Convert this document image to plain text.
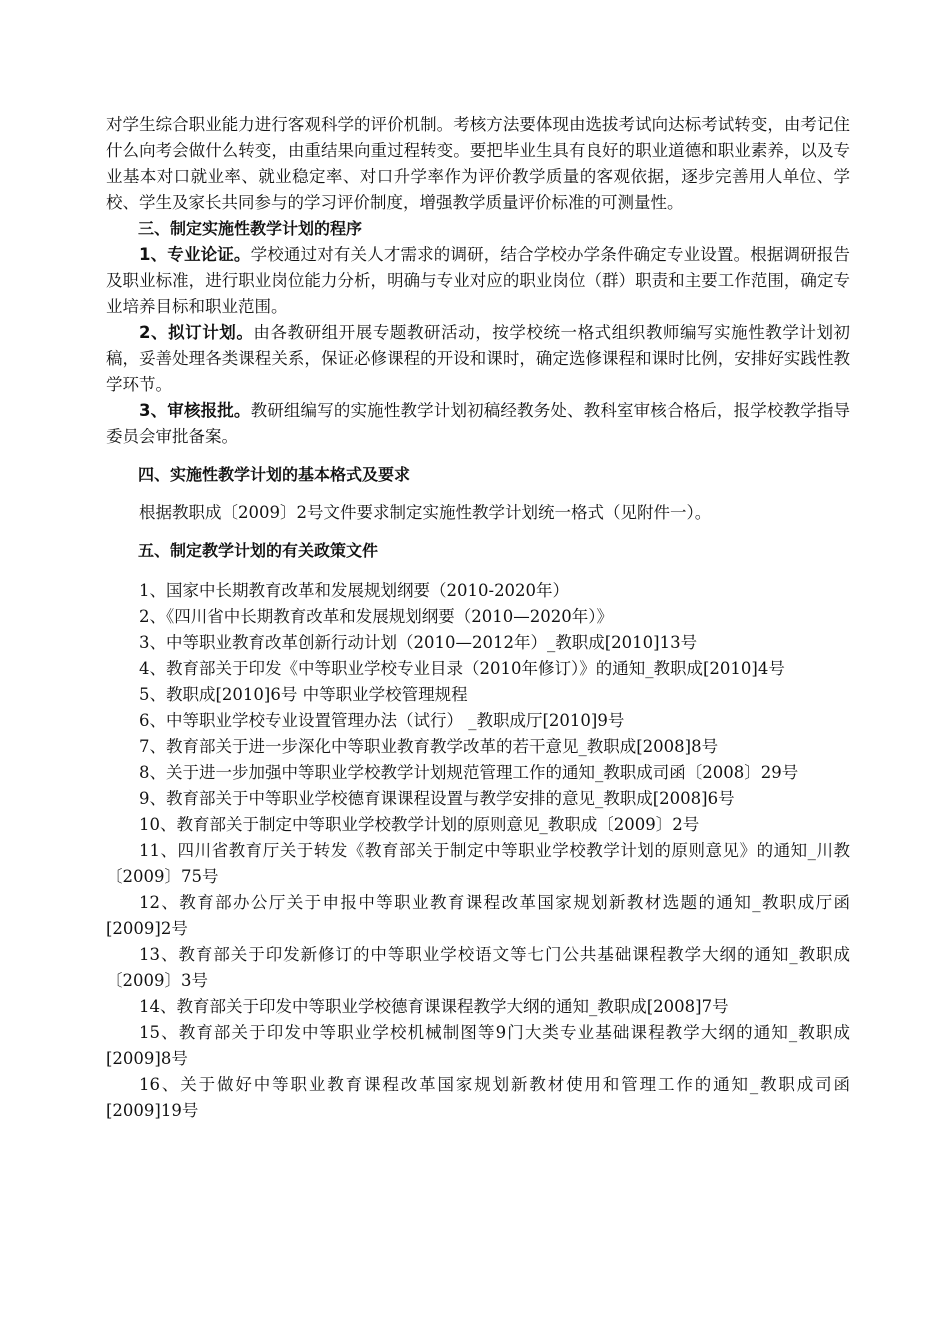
对学生综合职业能力进行客观科学的评价机制。考核方法要体现由选拔考试向达标考试转变，由考记住什么向考会做什么转变，由重结果向重过程转变。要把毕业生具有良好的职业道德和职业素养，以及专业基本对口就业率、就业稳定率、对口升学率作为评价教学质量的客观依据，逐步完善用人单位、学校、学生及家长共同参与的学习评价制度，增强教学质量评价标准的可测量性。

三、制定实施性教学计划的程序

1、专业论证。学校通过对有关人才需求的调研，结合学校办学条件确定专业设置。根据调研报告及职业标准，进行职业岗位能力分析，明确与专业对应的职业岗位（群）职责和主要工作范围，确定专业培养目标和职业范围。

2、拟订计划。由各教研组开展专题教研活动，按学校统一格式组织教师编写实施性教学计划初稿，妥善处理各类课程关系，保证必修课程的开设和课时，确定选修课程和课时比例，安排好实践性教学环节。

3、审核报批。教研组编写的实施性教学计划初稿经教务处、教科室审核合格后，报学校教学指导委员会审批备案。

四、实施性教学计划的基本格式及要求

根据教职成〔2009〕2号文件要求制定实施性教学计划统一格式（见附件一）。

五、制定教学计划的有关政策文件

1、国家中长期教育改革和发展规划纲要（2010-2020年）

2、《四川省中长期教育改革和发展规划纲要（2010—2020年）》

3、中等职业教育改革创新行动计划（2010—2012年）_教职成[2010]13号

4、教育部关于印发《中等职业学校专业目录（2010年修订）》的通知_教职成[2010]4号

5、教职成[2010]6号 中等职业学校管理规程

6、中等职业学校专业设置管理办法（试行） _教职成厅[2010]9号

7、教育部关于进一步深化中等职业教育教学改革的若干意见_教职成[2008]8号

8、关于进一步加强中等职业学校教学计划规范管理工作的通知_教职成司函〔2008〕29号

9、教育部关于中等职业学校德育课课程设置与教学安排的意见_教职成[2008]6号

10、教育部关于制定中等职业学校教学计划的原则意见_教职成〔2009〕2号

11、四川省教育厅关于转发《教育部关于制定中等职业学校教学计划的原则意见》的通知_川教〔2009〕75号

12、教育部办公厅关于申报中等职业教育课程改革国家规划新教材选题的通知_教职成厅函[2009]2号

13、教育部关于印发新修订的中等职业学校语文等七门公共基础课程教学大纲的通知_教职成〔2009〕3号

14、教育部关于印发中等职业学校德育课课程教学大纲的通知_教职成[2008]7号

15、教育部关于印发中等职业学校机械制图等9门大类专业基础课程教学大纲的通知_教职成[2009]8号

16、关于做好中等职业教育课程改革国家规划新教材使用和管理工作的通知_教职成司函[2009]19号
